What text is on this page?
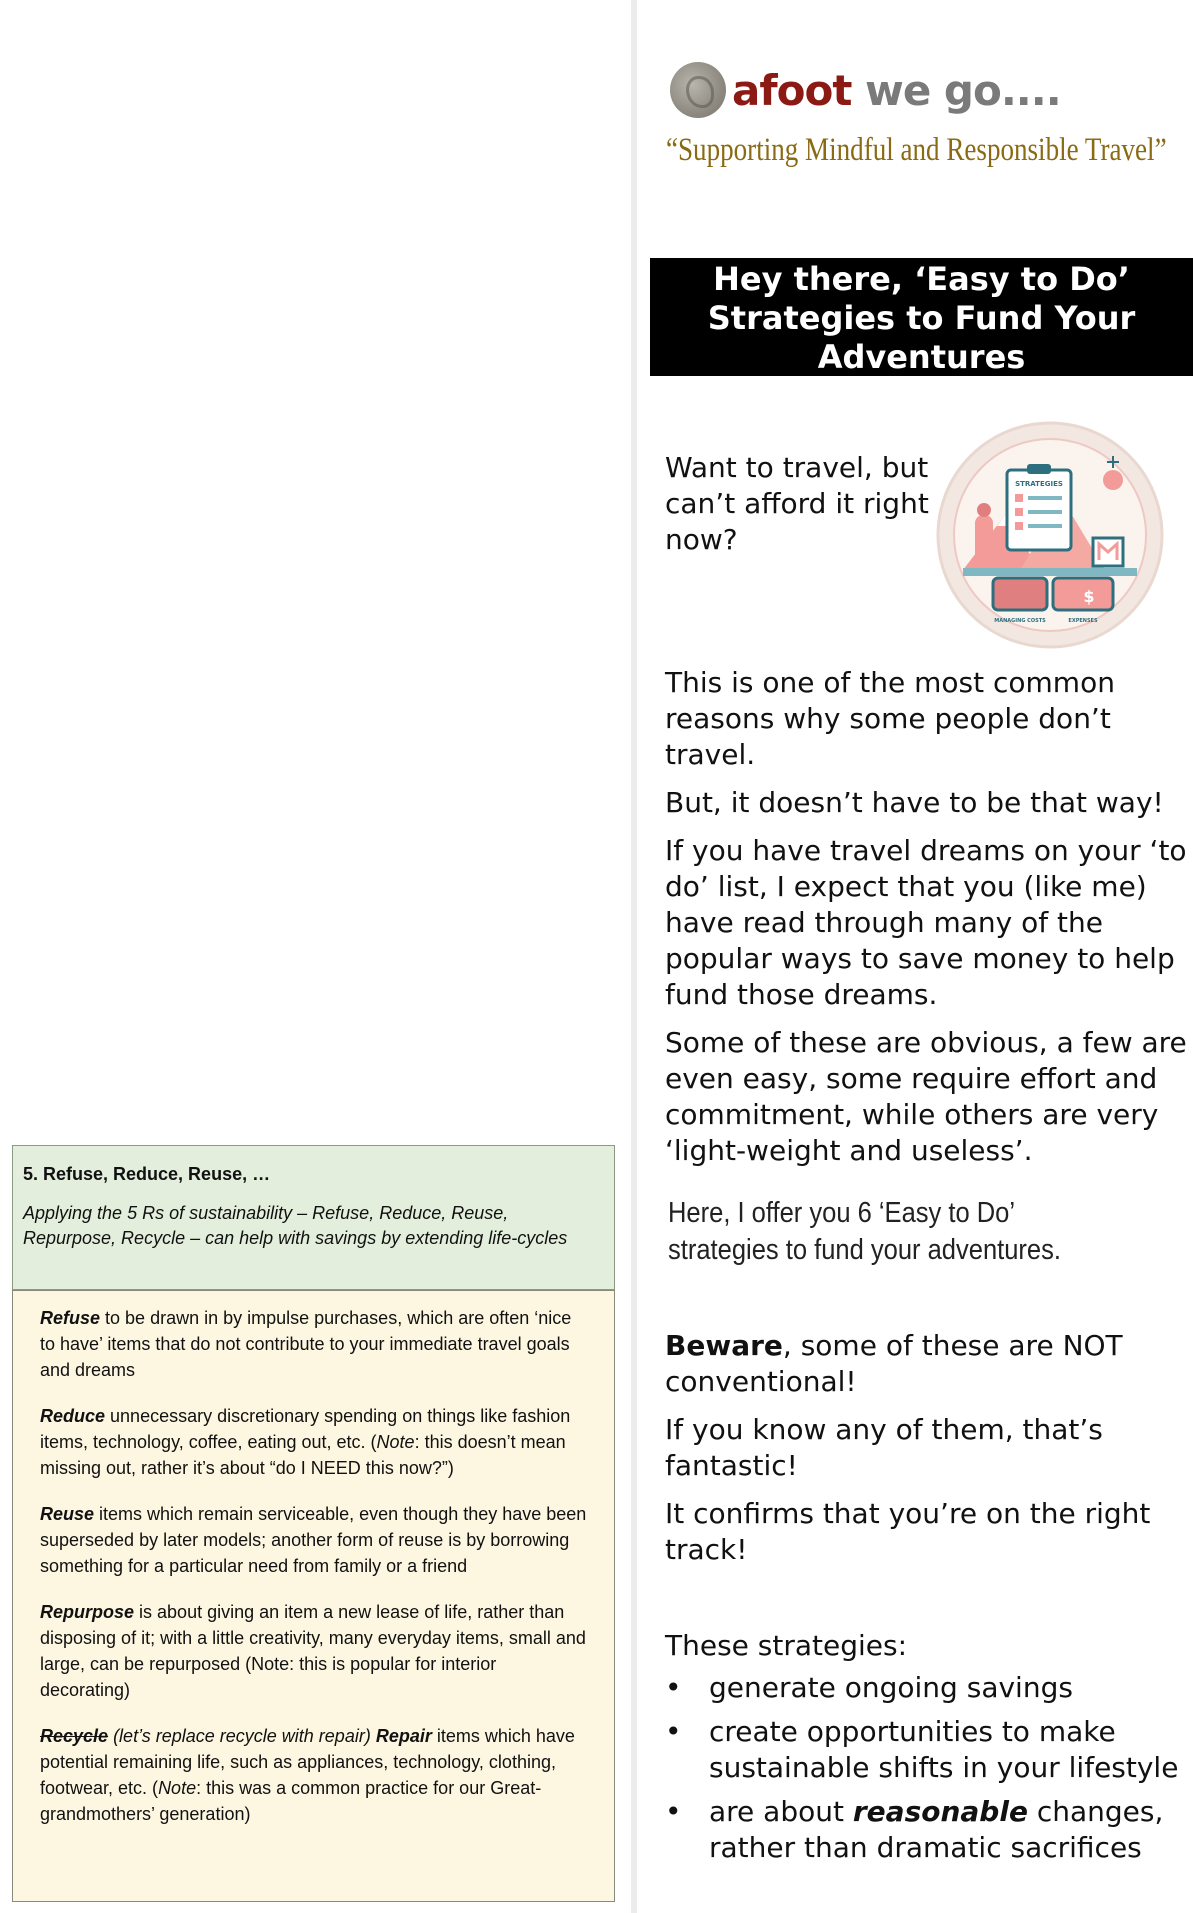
afoot we go....
“Supporting Mindful and Responsible Travel”
Hey there, ‘Easy to Do’
Strategies to Fund Your
Adventures
Want to travel, but can’t afford it right now?
STRATEGIES
$
MANAGING COSTS	EXPENSES

This is one of the most common reasons why some people don’t travel.

But, it doesn’t have to be that way!

If you have travel dreams on your ‘to do’ list, I expect that you (like me) have read through many of the popular ways to save money to help fund those dreams.

Some of these are obvious, a few are even easy, some require effort and commitment, while others are very ‘light-weight and useless’.

Here, I offer you 6 ‘Easy to Do’ strategies to fund your adventures.

Beware, some of these are NOT conventional!

If you know any of them, that’s fantastic!

It confirms that you’re on the right track!

These strategies:
• generate ongoing savings
• create opportunities to make sustainable shifts in your lifestyle
• are about reasonable changes, rather than dramatic sacrifices
5. Refuse, Reduce, Reuse, …
Applying the 5 Rs of sustainability – Refuse, Reduce, Reuse, Repurpose, Recycle – can help with savings by extending life-cycles

Refuse to be drawn in by impulse purchases, which are often ‘nice to have’ items that do not contribute to your immediate travel goals and dreams

Reduce unnecessary discretionary spending on things like fashion items, technology, coffee, eating out, etc. (Note: this doesn’t mean missing out, rather it’s about “do I NEED this now?”)

Reuse items which remain serviceable, even though they have been superseded by later models; another form of reuse is by borrowing something for a particular need from family or a friend

Repurpose is about giving an item a new lease of life, rather than disposing of it; with a little creativity, many everyday items, small and large, can be repurposed (Note: this is popular for interior decorating)

Recycle (let’s replace recycle with repair) Repair items which have potential remaining life, such as appliances, technology, clothing, footwear, etc. (Note: this was a common practice for our Great-grandmothers’ generation)
